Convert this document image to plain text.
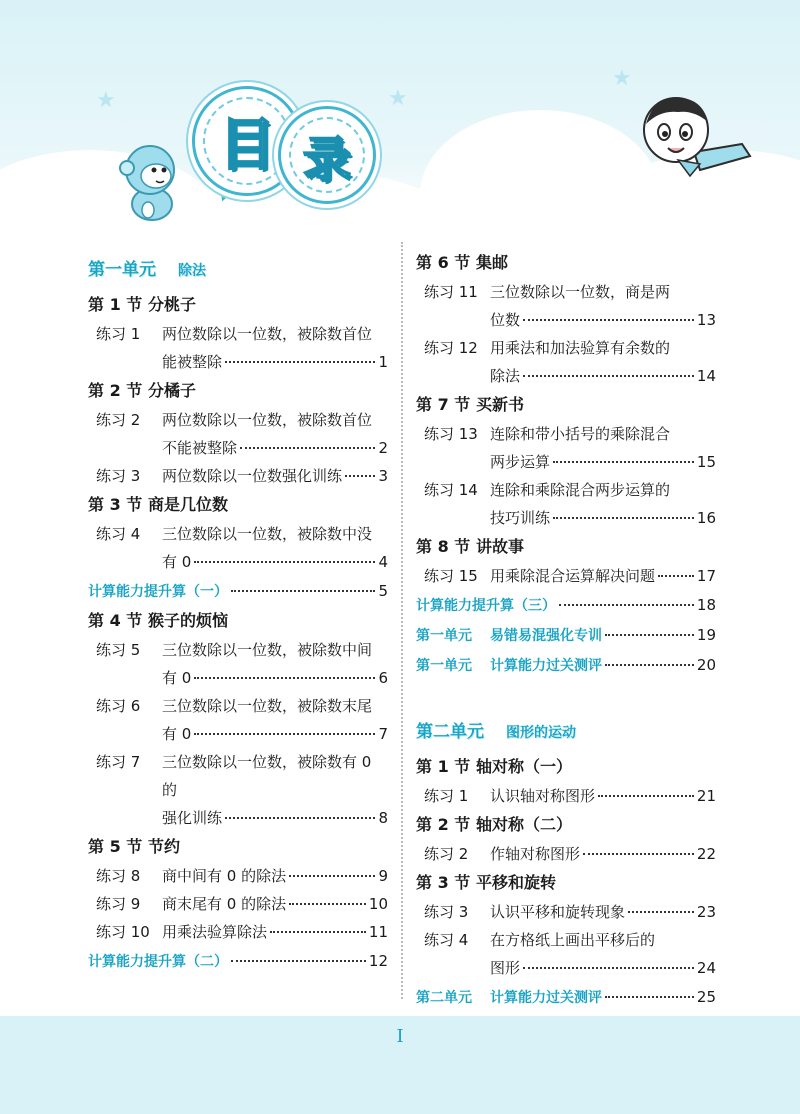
★	★
★
目 录
第一单元 除法
第 1 节 分桃子
练习 1	两位数除以一位数，被除数首位
能被整除	1
第 2 节 分橘子
练习 2	两位数除以一位数，被除数首位
不能被整除	2
练习 3	两位数除以一位数强化训练 3
第 3 节 商是几位数
练习 4	三位数除以一位数，被除数中没
有 0	4
计算能力提升算（一）	5
第 4 节 猴子的烦恼
练习 5	三位数除以一位数，被除数中间
有 0	6
练习 6	三位数除以一位数，被除数末尾
有 0	7
练习 7	三位数除以一位数，被除数有 0 的
强化训练	8
第 5 节 节约
练习 8	商中间有 0 的除法	9
练习 9	商末尾有 0 的除法	10
练习 10 用乘法验算除法	11
计算能力提升算（二）	12
第 6 节 集邮
练习 11 三位数除以一位数，商是两
位数	13
练习 12 用乘法和加法验算有余数的
除法	14
第 7 节 买新书
练习 13 连除和带小括号的乘除混合
两步运算	15
练习 14 连除和乘除混合两步运算的
技巧训练	16
第 8 节 讲故事
练习 15 用乘除混合运算解决问题	17
计算能力提升算（三）	18
第一单元 易错易混强化专训	19
第一单元 计算能力过关测评	20
第二单元 图形的运动
第 1 节 轴对称（一）
练习 1	认识轴对称图形	21
第 2 节 轴对称（二）
练习 2	作轴对称图形	22
第 3 节 平移和旋转
练习 3	认识平移和旋转现象	23
练习 4	在方格纸上画出平移后的
图形	24
第二单元 计算能力过关测评	25
I
